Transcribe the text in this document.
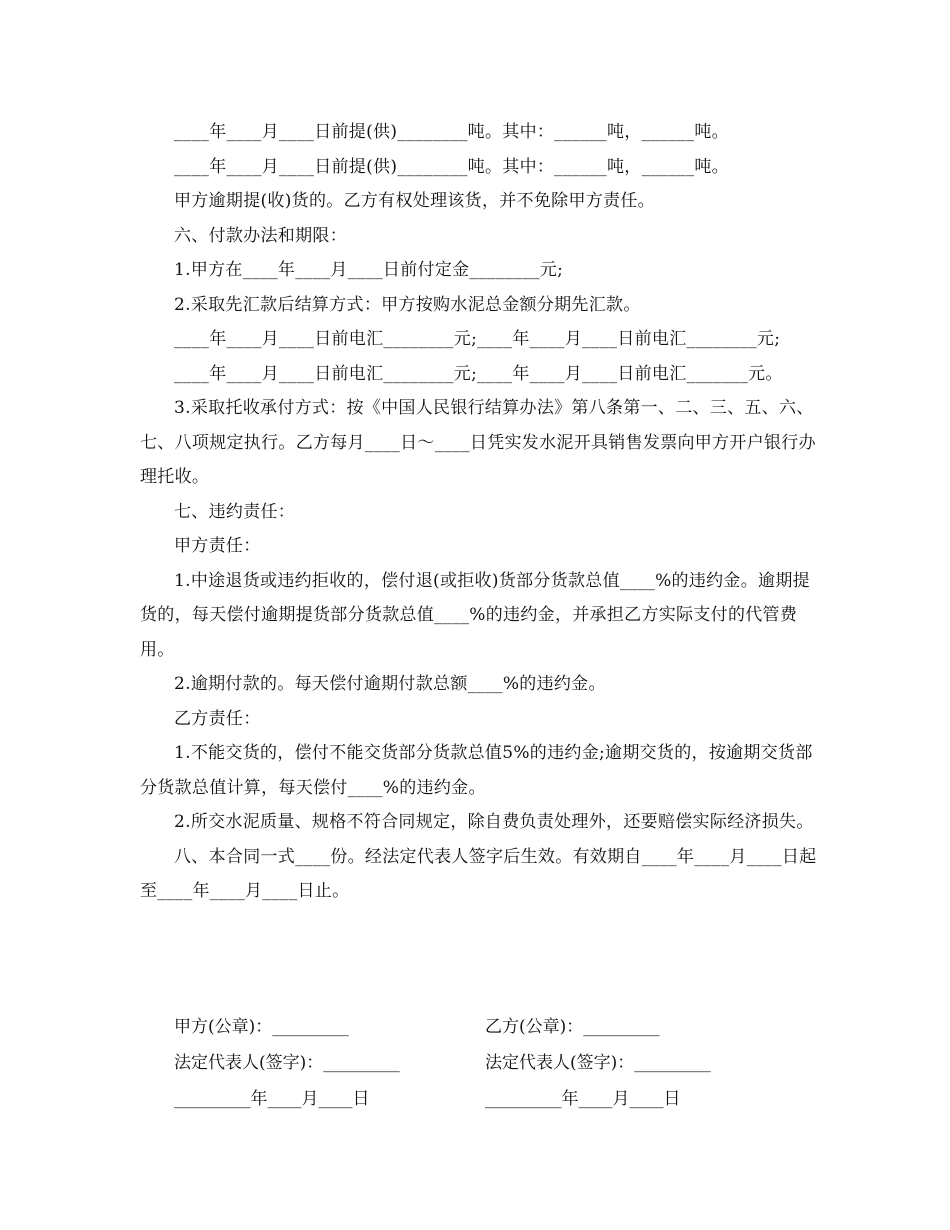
____年____月____日前提(供)________吨。其中：______吨，______吨。

____年____月____日前提(供)________吨。其中：______吨，______吨。

甲方逾期提(收)货的。乙方有权处理该货，并不免除甲方责任。

六、付款办法和期限：

1.甲方在____年____月____日前付定金________元;

2.采取先汇款后结算方式：甲方按购水泥总金额分期先汇款。

____年____月____日前电汇________元;____年____月____日前电汇________元;

____年____月____日前电汇________元;____年____月____日前电汇_______元。

3.采取托收承付方式：按《中国人民银行结算办法》第八条第一、二、三、五、六、七、八项规定执行。乙方每月____日～____日凭实发水泥开具销售发票向甲方开户银行办理托收。

七、违约责任：

甲方责任：

1.中途退货或违约拒收的，偿付退(或拒收)货部分货款总值____%的违约金。逾期提货的，每天偿付逾期提货部分货款总值____%的违约金，并承担乙方实际支付的代管费用。

2.逾期付款的。每天偿付逾期付款总额____%的违约金。

乙方责任：

1.不能交货的，偿付不能交货部分货款总值5%的违约金;逾期交货的，按逾期交货部分货款总值计算，每天偿付____%的违约金。

2.所交水泥质量、规格不符合同规定，除自费负责处理外，还要赔偿实际经济损失。

八、本合同一式____份。经法定代表人签字后生效。有效期自____年____月____日起至____年____月____日止。

甲方(公章)：_________	乙方(公章)：_________
法定代表人(签字)：_________	法定代表人(签字)：_________
_________年____月____日	_________年____月____日
